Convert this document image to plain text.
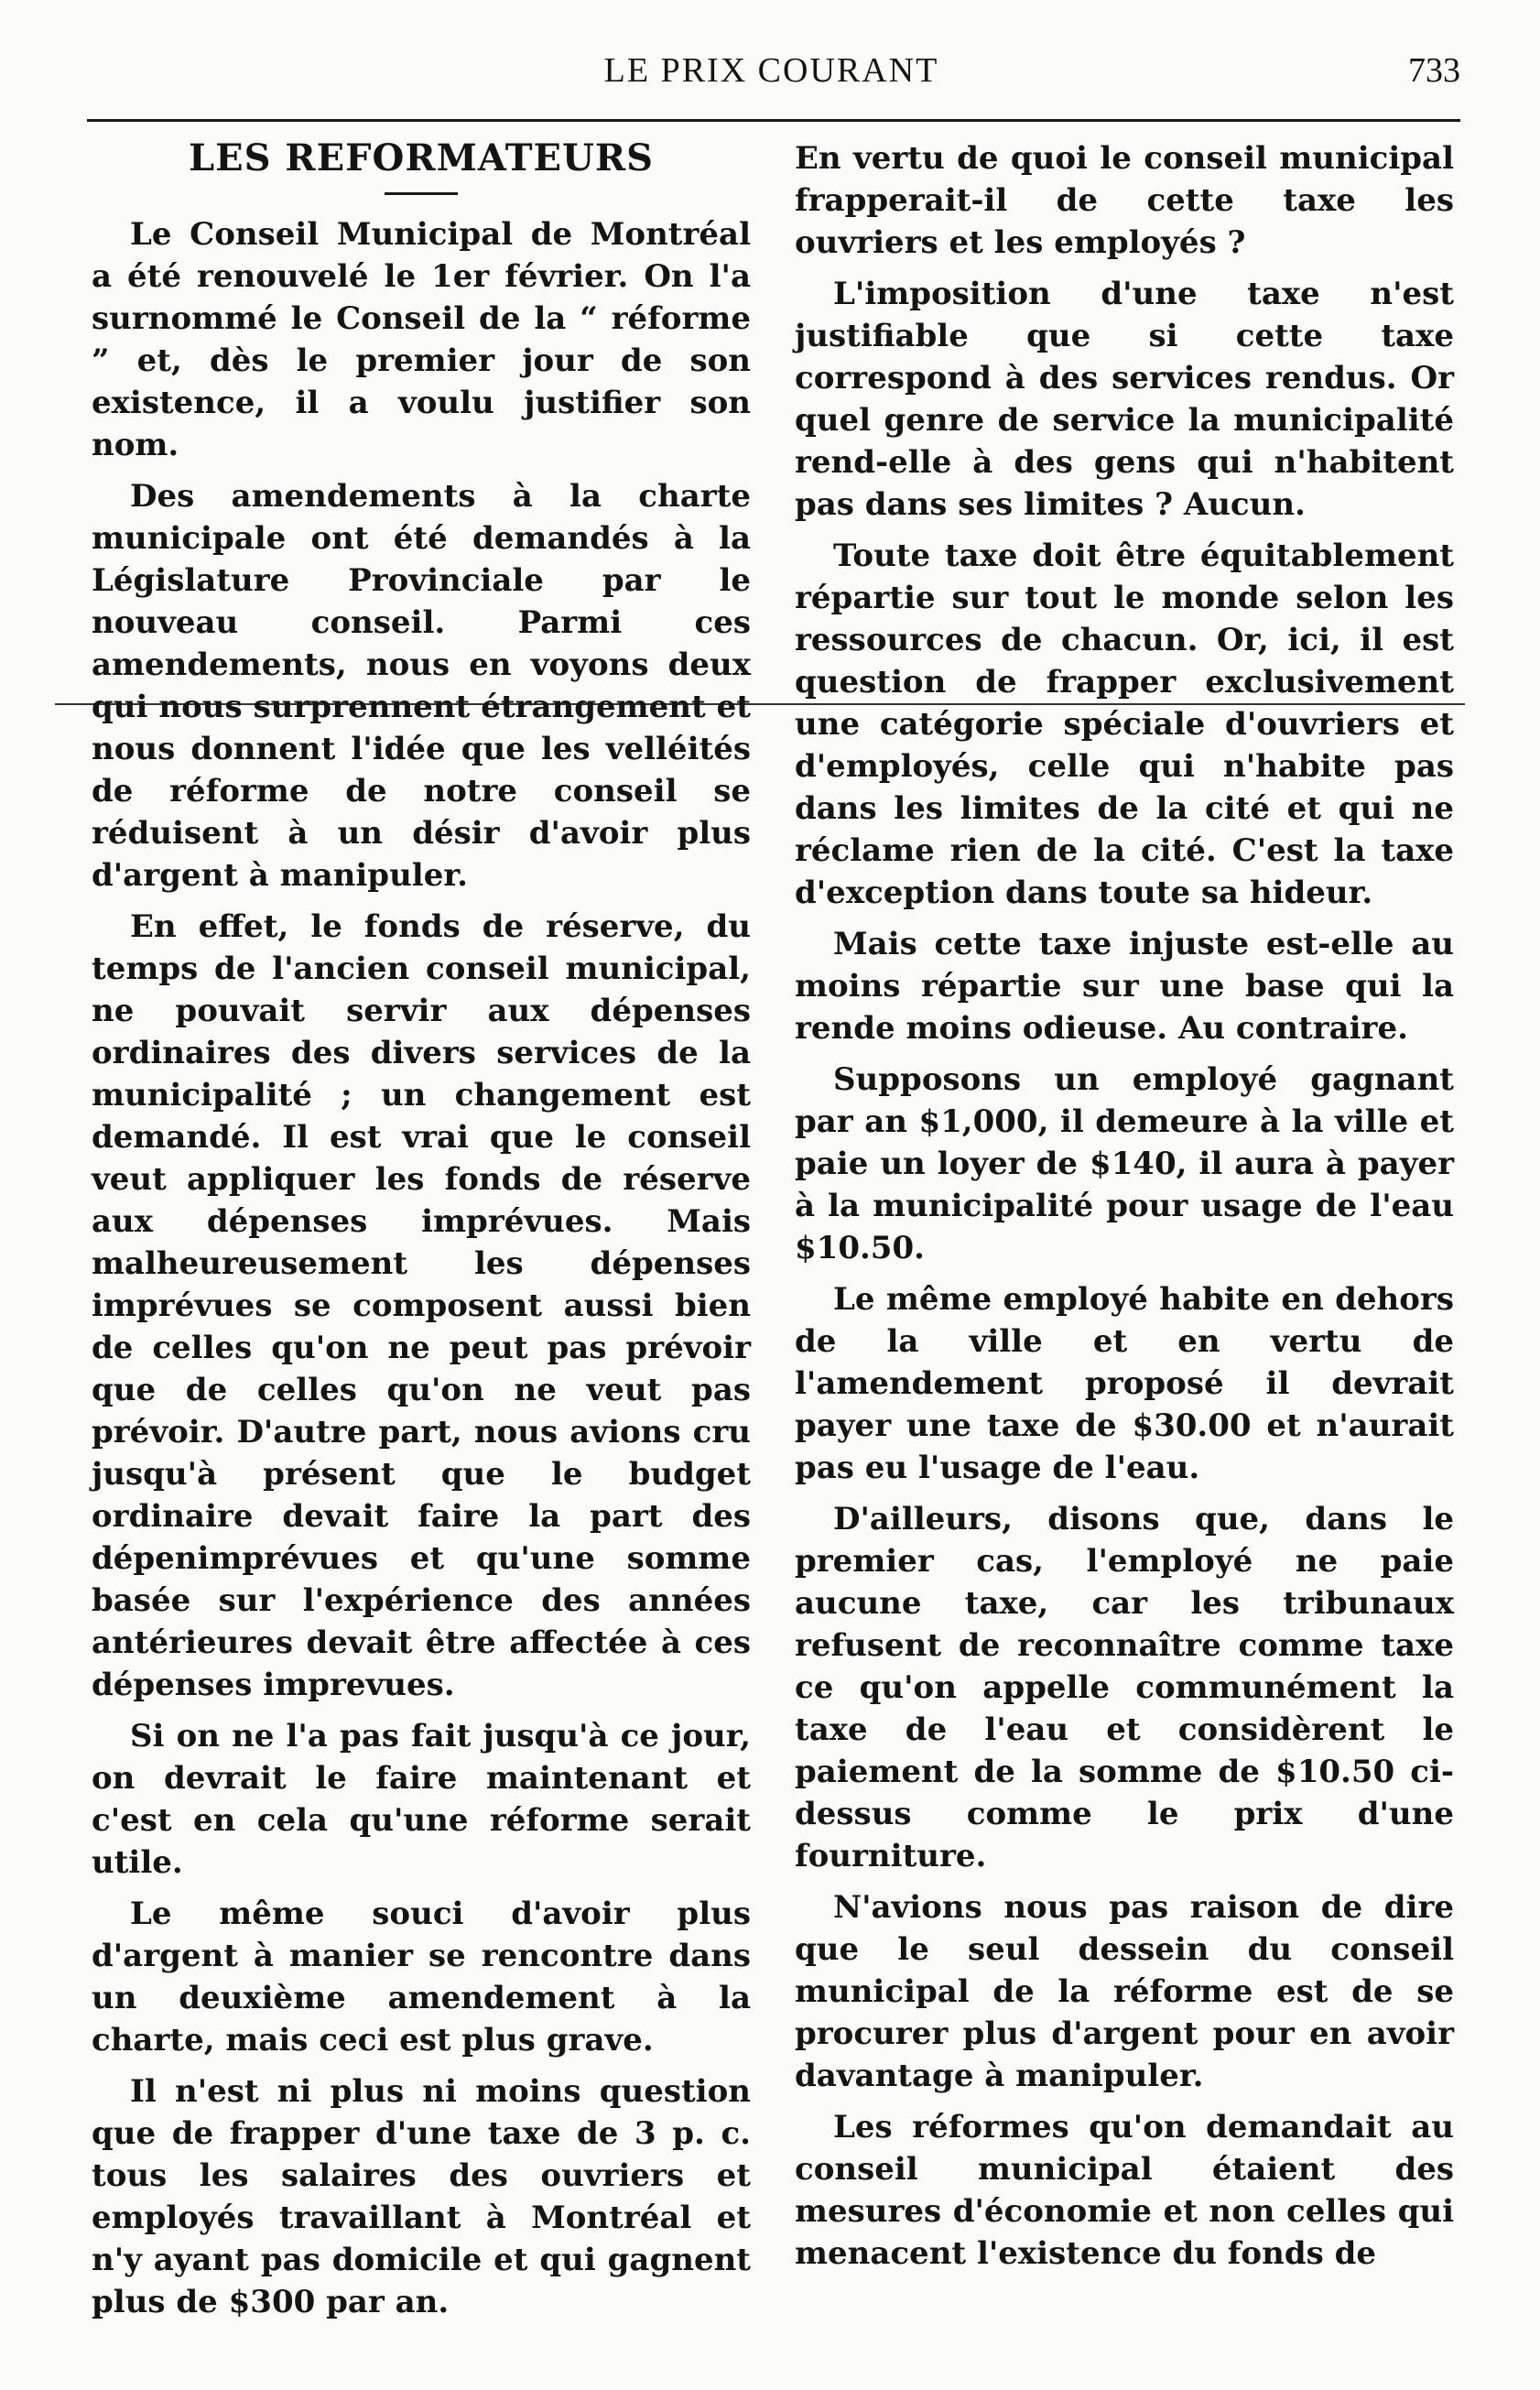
LE PRIX COURANT	733
LES REFORMATEURS

Le Conseil Municipal de Montréal a été renouvelé le 1er février. On l'a surnommé le Conseil de la “ réforme ” et, dès le premier jour de son existence, il a voulu justifier son nom.

Des amendements à la charte municipale ont été demandés à la Législature Provinciale par le nouveau conseil. Parmi ces amendements, nous en voyons deux qui nous surprennent étrangement et nous donnent l'idée que les velléités de réforme de notre conseil se réduisent à un désir d'avoir plus d'argent à manipuler.

En effet, le fonds de réserve, du temps de l'ancien conseil municipal, ne pouvait servir aux dépenses ordinaires des divers services de la municipalité ; un changement est demandé. Il est vrai que le conseil veut appliquer les fonds de réserve aux dépenses imprévues. Mais malheureusement les dépenses imprévues se composent aussi bien de celles qu'on ne peut pas prévoir que de celles qu'on ne veut pas prévoir. D'autre part, nous avions cru jusqu'à présent que le budget ordinaire devait faire la part des dépenimprévues et qu'une somme basée sur l'expérience des années antérieures devait être affectée à ces dépenses imprevues.

Si on ne l'a pas fait jusqu'à ce jour, on devrait le faire maintenant et c'est en cela qu'une réforme serait utile.

Le même souci d'avoir plus d'argent à manier se rencontre dans un deuxième amendement à la charte, mais ceci est plus grave.

Il n'est ni plus ni moins question que de frapper d'une taxe de 3 p. c. tous les salaires des ouvriers et employés travaillant à Montréal et n'y ayant pas domicile et qui gagnent plus de $300 par an.

En vertu de quoi le conseil municipal frapperait-il de cette taxe les ouvriers et les employés ?

L'imposition d'une taxe n'est justifiable que si cette taxe correspond à des services rendus. Or quel genre de service la municipalité rend-elle à des gens qui n'habitent pas dans ses limites ? Aucun.

Toute taxe doit être équitablement répartie sur tout le monde selon les ressources de chacun. Or, ici, il est question de frapper exclusivement une catégorie spéciale d'ouvriers et d'employés, celle qui n'habite pas dans les limites de la cité et qui ne réclame rien de la cité. C'est la taxe d'exception dans toute sa hideur.

Mais cette taxe injuste est-elle au moins répartie sur une base qui la rende moins odieuse. Au contraire.

Supposons un employé gagnant par an $1,000, il demeure à la ville et paie un loyer de $140, il aura à payer à la municipalité pour usage de l'eau $10.50.

Le même employé habite en dehors de la ville et en vertu de l'amendement proposé il devrait payer une taxe de $30.00 et n'aurait pas eu l'usage de l'eau.

D'ailleurs, disons que, dans le premier cas, l'employé ne paie aucune taxe, car les tribunaux refusent de reconnaître comme taxe ce qu'on appelle communément la taxe de l'eau et considèrent le paiement de la somme de $10.50 ci-dessus comme le prix d'une fourniture.

N'avions nous pas raison de dire que le seul dessein du conseil municipal de la réforme est de se procurer plus d'argent pour en avoir davantage à manipuler.

Les réformes qu'on demandait au conseil municipal étaient des mesures d'économie et non celles qui menacent l'existence du fonds de
